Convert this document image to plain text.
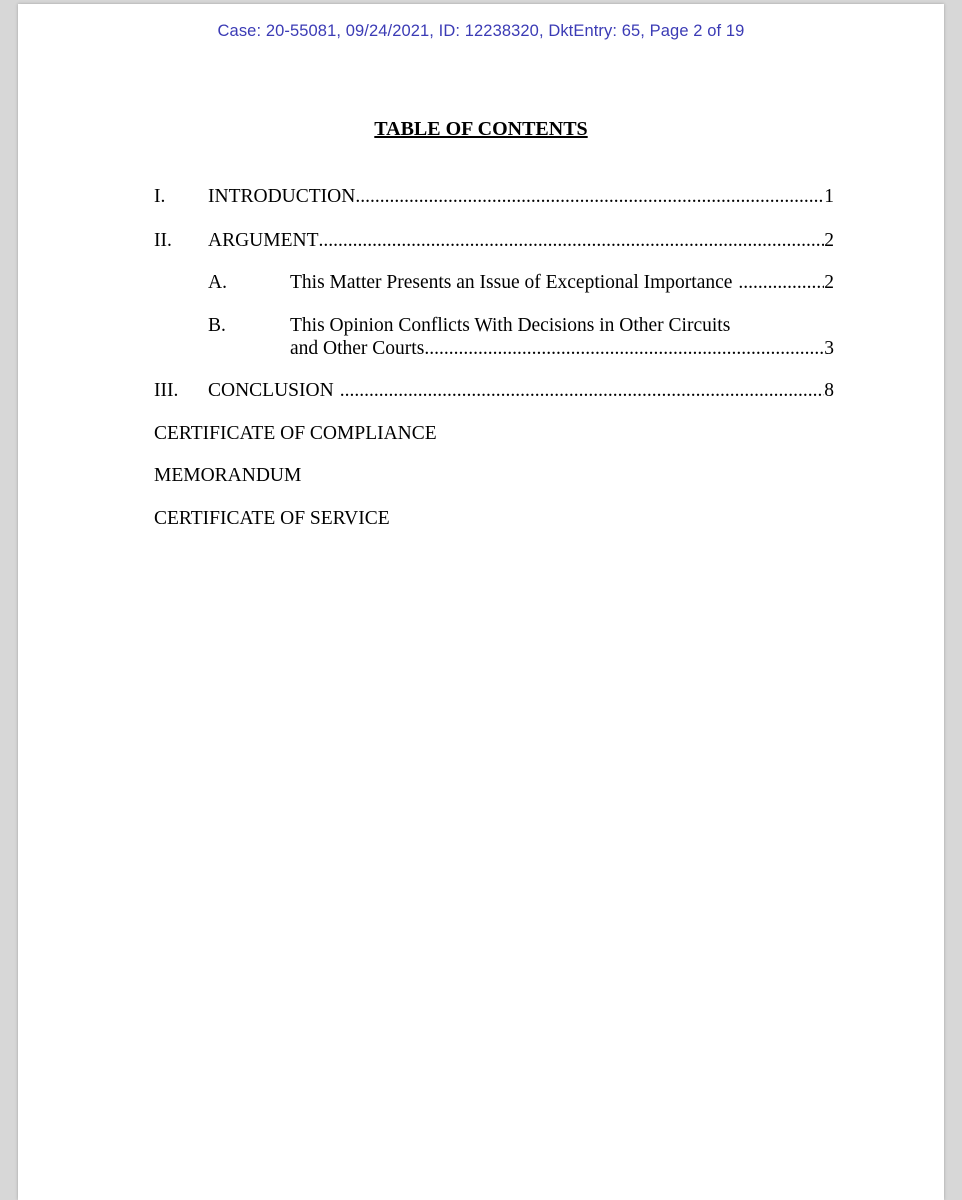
Case: 20-55081, 09/24/2021, ID: 12238320, DktEntry: 65, Page 2 of 19
TABLE OF CONTENTS
I. INTRODUCTION .....	1
II. ARGUMENT .....	2
A.	This Matter Presents an Issue of Exceptional Importance .....	2
B.	This Opinion Conflicts With Decisions in Other Circuits
and Other Courts .....	3
III. CONCLUSION .....	8
CERTIFICATE OF COMPLIANCE
MEMORANDUM
CERTIFICATE OF SERVICE
